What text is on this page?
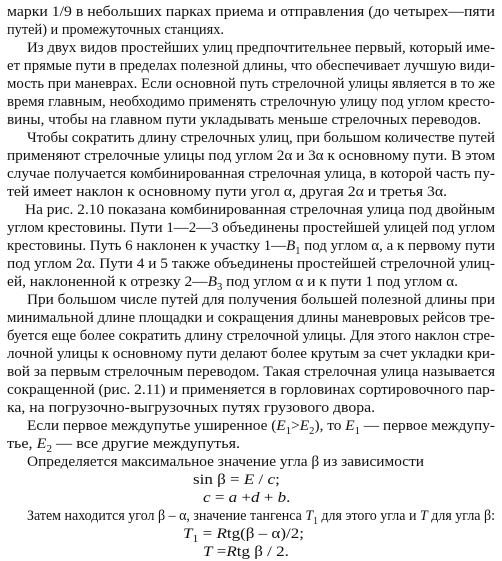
марки 1/9 в небольших парках приема и отправления (до четырех—пяти
путей) и промежуточных станциях.
Из двух видов простейших улиц предпочтительнее первый, который име-
ет прямые пути в пределах полезной длины, что обеспечивает лучшую види-
мость при маневрах. Если основной путь стрелочной улицы является в то же
время главным, необходимо применять стрелочную улицу под углом кресто-
вины, чтобы на главном пути укладывать меньше стрелочных переводов.
Чтобы сократить длину стрелочных улиц, при большом количестве путей
применяют стрелочные улицы под углом 2α и 3α к основному пути. В этом
случае получается комбинированная стрелочная улица, в которой часть пу-
тей имеет наклон к основному пути угол α, другая 2α и третья 3α.
На рис. 2.10 показана комбинированная стрелочная улица под двойным
углом крестовины. Пути 1—2—3 объединены простейшей улицей под углом
крестовины. Путь 6 наклонен к участку $1—B_1$ под углом α, а к первому пути
под углом 2α. Пути 4 и 5 также объединены простейшей стрелочной улиц-
ей, наклоненной к отрезку $2—B_3$ под углом α и к пути 1 под углом α.
При большом числе путей для получения большей полезной длины при
минимальной длине площадки и сокращения длины маневровых рейсов тре-
буется еще более сократить длину стрелочной улицы. Для этого наклон стре-
лочной улицы к основному пути делают более крутым за счет укладки кри-
вой за первым стрелочным переводом. Такая стрелочная улица называется
сокращенной (рис. 2.11) и применяется в горловинах сортировочного пар-
ка, на погрузочно-выгрузочных путях грузового двора.
Если первое междупутье уширенное $(E_1>E_2)$, то $E_1$ — первое междупу-
тье, $E_2$ — все другие междупутья.
Определяется максимальное значение угла β из зависимости
sin β = E / c;
c = a +d + b.
Затем находится угол β – α, значение тангенса $T_1$ для этого угла и T для угла β:
$T_1 = Rtg(\beta - \alpha)/2$;
T =Rtg β / 2.
